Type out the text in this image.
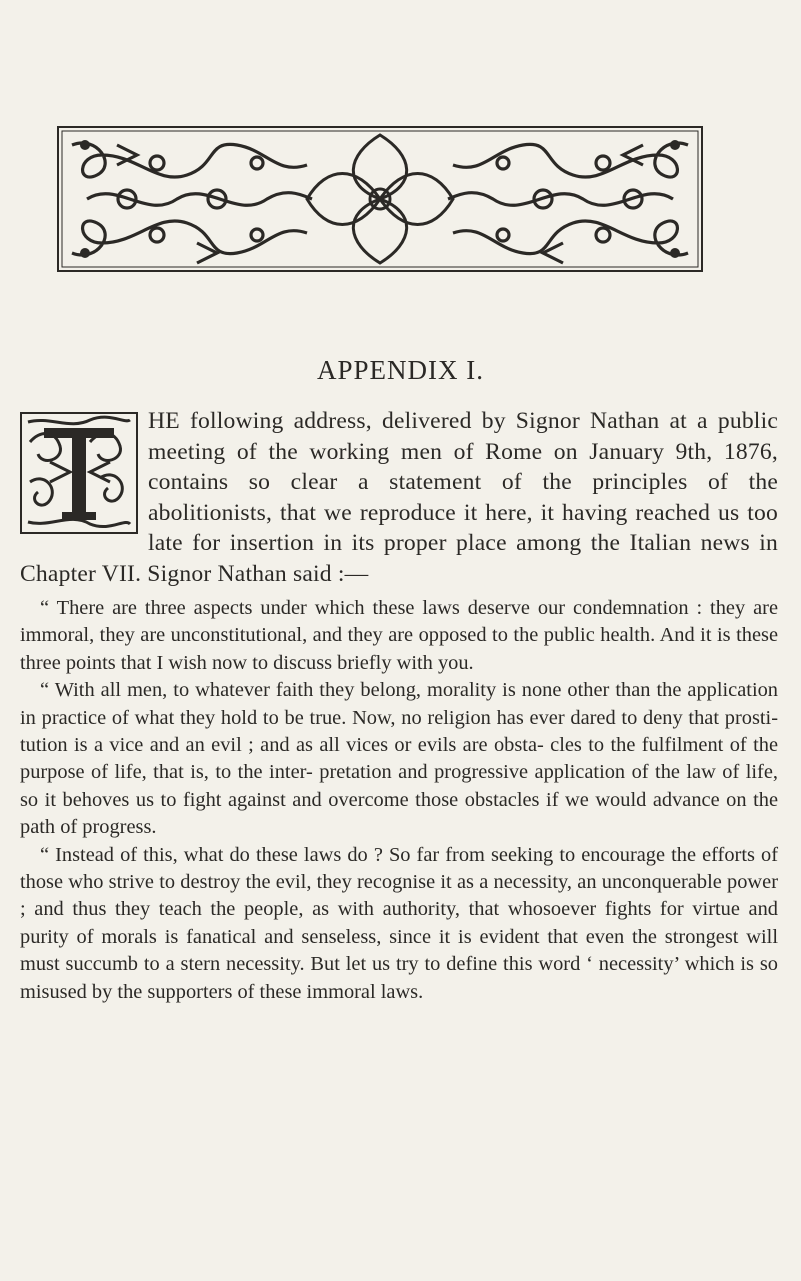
APPENDIX I.

HE following address, delivered by Signor Nathan at a public meeting of the working men of Rome on January 9th, 1876, contains so clear a statement of the principles of the abolitionists, that we reproduce it here, it having reached us too late for insertion in its proper place among the Italian news in Chapter VII. Signor Nathan said :—

“ There are three aspects under which these laws deserve our condemnation : they are immoral, they are unconstitutional, and they are opposed to the public health. And it is these three points that I wish now to discuss briefly with you.

“ With all men, to whatever faith they belong, morality is none other than the application in practice of what they hold to be true. Now, no religion has ever dared to deny that prosti- tution is a vice and an evil ; and as all vices or evils are obsta- cles to the fulfilment of the purpose of life, that is, to the inter- pretation and progressive application of the law of life, so it behoves us to fight against and overcome those obstacles if we would advance on the path of progress.

“ Instead of this, what do these laws do ? So far from seeking to encourage the efforts of those who strive to destroy the evil, they recognise it as a necessity, an unconquerable power ; and thus they teach the people, as with authority, that whosoever fights for virtue and purity of morals is fanatical and senseless, since it is evident that even the strongest will must succumb to a stern necessity. But let us try to define this word ‘ necessity’ which is so misused by the supporters of these immoral laws.
